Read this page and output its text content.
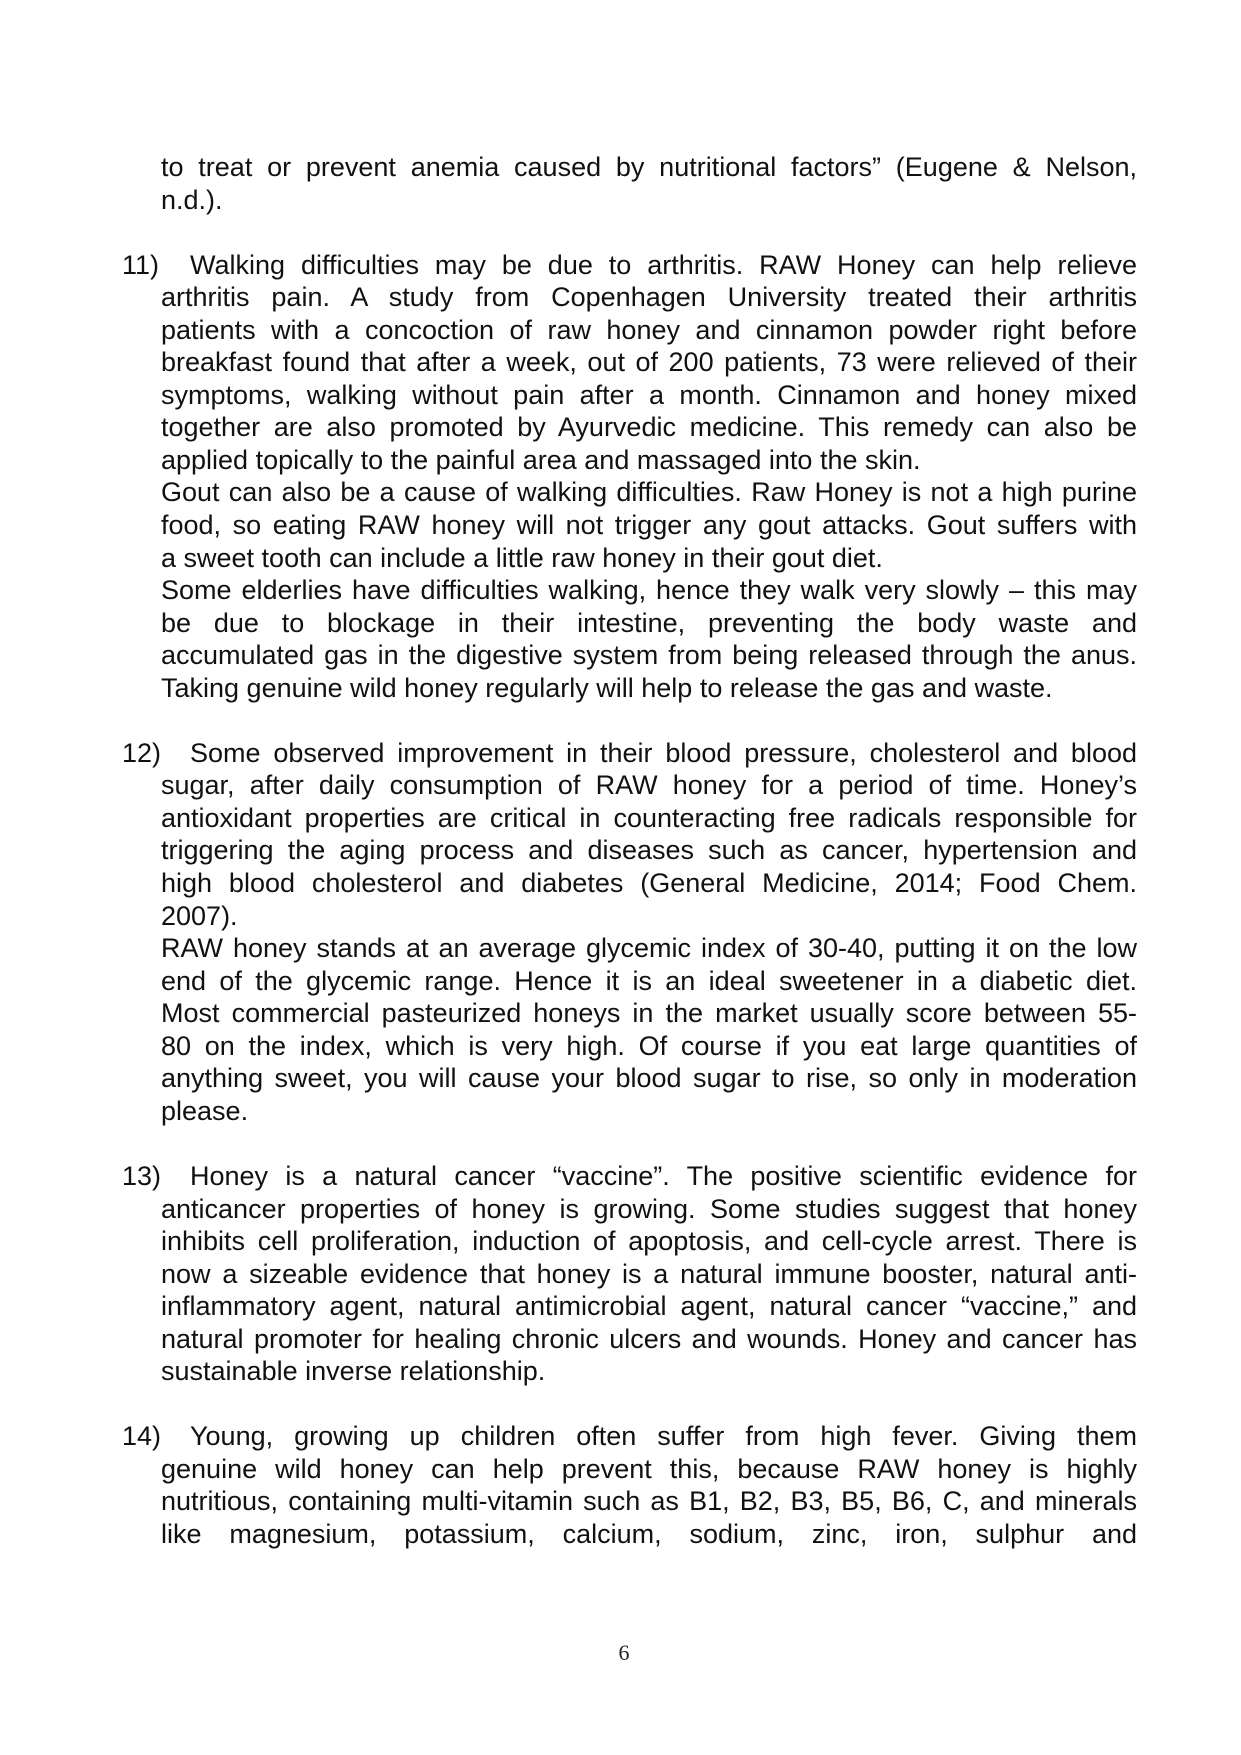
to treat or prevent anemia caused by nutritional factors” (Eugene & Nelson,
n.d.).
11)	Walking difficulties may be due to arthritis. RAW Honey can help relieve
arthritis pain. A study from Copenhagen University treated their arthritis
patients with a concoction of raw honey and cinnamon powder right before
breakfast found that after a week, out of 200 patients, 73 were relieved of their
symptoms, walking without pain after a month. Cinnamon and honey mixed
together are also promoted by Ayurvedic medicine. This remedy can also be
applied topically to the painful area and massaged into the skin.
Gout can also be a cause of walking difficulties. Raw Honey is not a high purine
food, so eating RAW honey will not trigger any gout attacks. Gout suffers with
a sweet tooth can include a little raw honey in their gout diet.
Some elderlies have difficulties walking, hence they walk very slowly – this may
be due to blockage in their intestine, preventing the body waste and
accumulated gas in the digestive system from being released through the anus.
Taking genuine wild honey regularly will help to release the gas and waste.
12)	Some observed improvement in their blood pressure, cholesterol and blood
sugar, after daily consumption of RAW honey for a period of time. Honey’s
antioxidant properties are critical in counteracting free radicals responsible for
triggering the aging process and diseases such as cancer, hypertension and
high blood cholesterol and diabetes (General Medicine, 2014; Food Chem.
2007).
RAW honey stands at an average glycemic index of 30-40, putting it on the low
end of the glycemic range. Hence it is an ideal sweetener in a diabetic diet.
Most commercial pasteurized honeys in the market usually score between 55-
80 on the index, which is very high. Of course if you eat large quantities of
anything sweet, you will cause your blood sugar to rise, so only in moderation
please.
13)	Honey is a natural cancer “vaccine”. The positive scientific evidence for
anticancer properties of honey is growing. Some studies suggest that honey
inhibits cell proliferation, induction of apoptosis, and cell-cycle arrest. There is
now a sizeable evidence that honey is a natural immune booster, natural anti-
inflammatory agent, natural antimicrobial agent, natural cancer “vaccine,” and
natural promoter for healing chronic ulcers and wounds. Honey and cancer has
sustainable inverse relationship.
14)	Young, growing up children often suffer from high fever. Giving them
genuine wild honey can help prevent this, because RAW honey is highly
nutritious, containing multi-vitamin such as B1, B2, B3, B5, B6, C, and minerals
like magnesium, potassium, calcium, sodium, zinc, iron, sulphur and
6
